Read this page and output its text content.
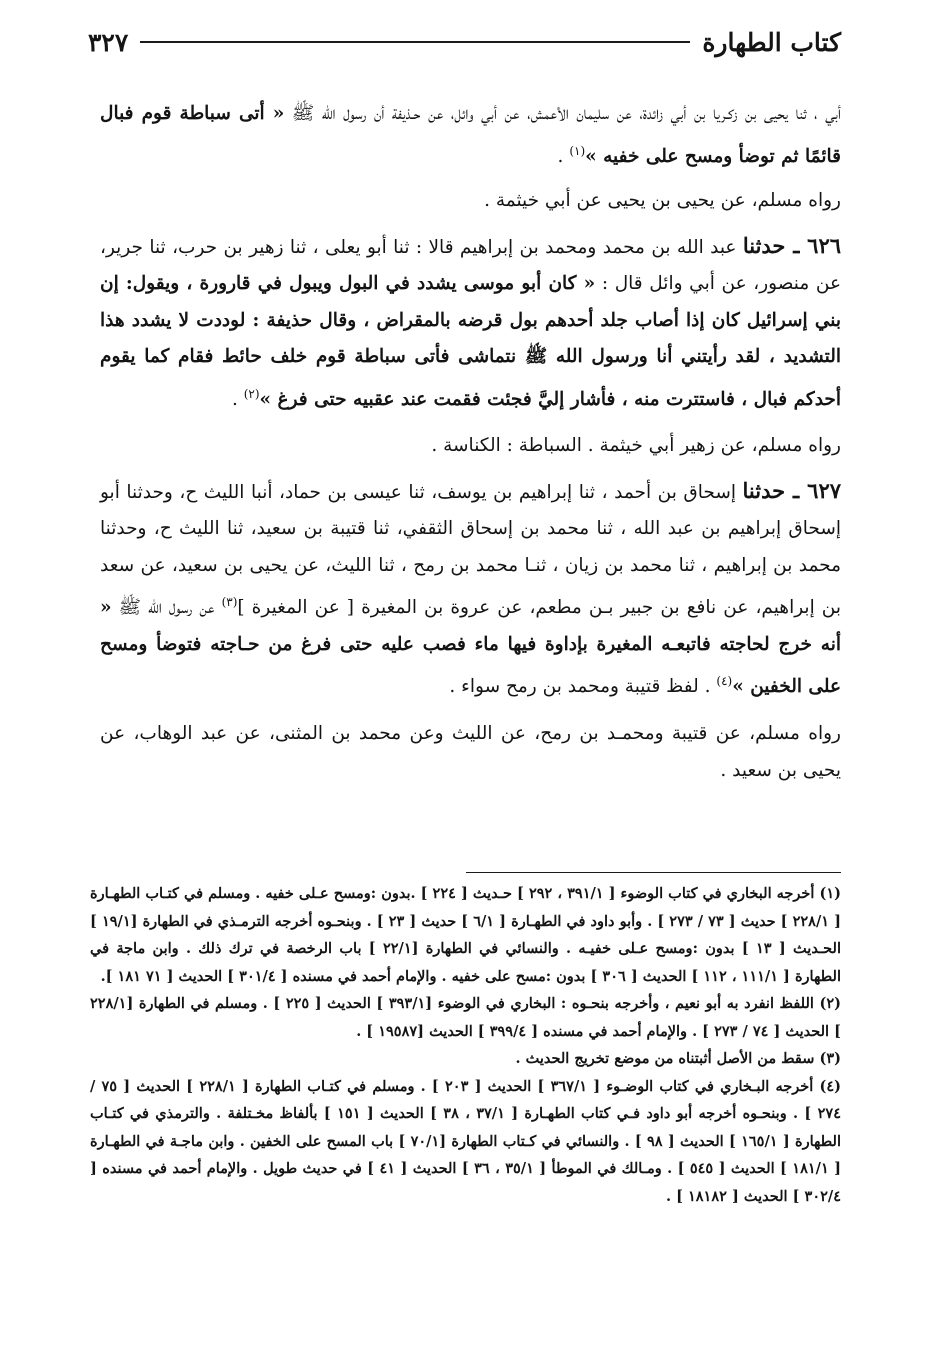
كتاب الطهارة
٣٢٧

أبي ، ثنا يحيى بن زكـريا بن أبي زائدة، عن سليمان الأعمش، عن أبي وائل، عن حـذيفة أن رسول الله ﷺ « أتى سباطة قوم فبال قائمًا ثم توضأ ومسح على خفيه »$^{(١)}$ .

رواه مسلم، عن يحيى بن يحيى عن أبي خيثمة .

٦٢٦ ـ حدثنا عبد الله بن محمد ومحمد بن إبراهيم قالا : ثنا أبو يعلى ، ثنا زهير بن حرب، ثنا جرير، عن منصور، عن أبي وائل قال : « كان أبو موسى يشدد في البول ويبول في قارورة ، ويقول: إن بني إسرائيل كان إذا أصاب جلد أحدهم بول قرضه بالمقراض ، وقال حذيفة : لوددت لا يشدد هذا التشديد ، لقد رأيتني أنا ورسول الله ﷺ نتماشى فأتى سباطة قوم خلف حائط فقام كما يقوم أحدكم فبال ، فاستترت منه ، فأشار إليَّ فجئت فقمت عند عقبيه حتى فرغ »$^{(٢)}$ .

رواه مسلم، عن زهير أبي خيثمة . السباطة : الكناسة .

٦٢٧ ـ حدثنا إسحاق بن أحمد ، ثنا إبراهيم بن يوسف، ثنا عيسى بن حماد، أنبا الليث ح، وحدثنا أبو إسحاق إبراهيم بن عبد الله ، ثنا محمد بن إسحاق الثقفي، ثنا قتيبة بن سعيد، ثنا الليث ح، وحدثنا محمد بن إبراهيم ، ثنا محمد بن زيان ، ثنـا محمد بن رمح ، ثنا الليث، عن يحيى بن سعيد، عن سعد بن إبراهيم، عن نافع بن جبير بـن مطعم، عن عروة بن المغيرة [ عن المغيرة ]$^{(٣)}$ عن رسول الله ﷺ « أنه خرج لحاجته فاتبعـه المغيرة بإداوة فيها ماء فصب عليه حتى فرغ من حـاجته فتوضأ ومسح على الخفين »$^{(٤)}$ . لفظ قتيبة ومحمد بن رمح سواء .

رواه مسلم، عن قتيبة ومحمـد بن رمح، عن الليث وعن محمد بن المثنى، عن عبد الوهاب، عن يحيى بن سعيد .

(١) أخرجه البخاري في كتاب الوضوء [ ٣٩١/١ ، ٢٩٢ ] حـديث [ ٢٢٤ ] .بدون :ومسح عـلى خفيه . ومسلم في كتـاب الطهـارة [ ٢٢٨/١ ] حديث [ ٧٣ / ٢٧٣ ] . وأبو داود في الطهـارة [ ٦/١ ] حديث [ ٢٣ ] . وبنحـوه أخرجه الترمـذي في الطهارة [١٩/١ ] الحـديث [ ١٣ ] بدون :ومسح عـلى خفيـه . والنسائي في الطهارة [٢٢/١ ] باب الرخصة في ترك ذلك . وابن ماجة في الطهارة [ ١١١/١ ، ١١٢ ] الحديث [ ٣٠٦ ] بدون :مسح على خفيه . والإمام أحمد في مسنده [ ٣٠١/٤ ] الحديث [ ٧١ ١٨١ ].

(٢) اللفظ انفرد به أبو نعيم ، وأخرجه بنحـوه : البخاري في الوضوء [٣٩٣/١ ] الحديث [ ٢٢٥ ] . ومسلم في الطهارة [٢٢٨/١ ] الحديث [ ٧٤ / ٢٧٣ ] . والإمام أحمد في مسنده [ ٣٩٩/٤ ] الحديث [١٩٥٨٧ ] .

(٣) سقط من الأصل أثبتناه من موضع تخريج الحديث .

(٤) أخرجه البـخاري في كتاب الوضـوء [ ٣٦٧/١ ] الحديث [ ٢٠٣ ] . ومسلم في كتـاب الطهارة [ ٢٢٨/١ ] الحديث [ ٧٥ / ٢٧٤ ] . وبنحـوه أخرجه أبو داود فـي كتاب الطهـارة [ ٣٧/١ ، ٣٨ ] الحديث [ ١٥١ ] بألفاظ مخـتلفة . والترمذي في كتـاب الطهارة [ ١٦٥/١ ] الحديث [ ٩٨ ] . والنسائي في كـتاب الطهارة [٧٠/١ ] باب المسح على الخفين . وابن ماجـة في الطهـارة [ ١٨١/١ ] الحديث [ ٥٤٥ ] . ومـالك في الموطأ [ ٣٥/١ ، ٣٦ ] الحديث [ ٤١ ] في حديث طويل . والإمام أحمد في مسنده [ ٣٠٢/٤ ] الحديث [ ١٨١٨٢ ] .
